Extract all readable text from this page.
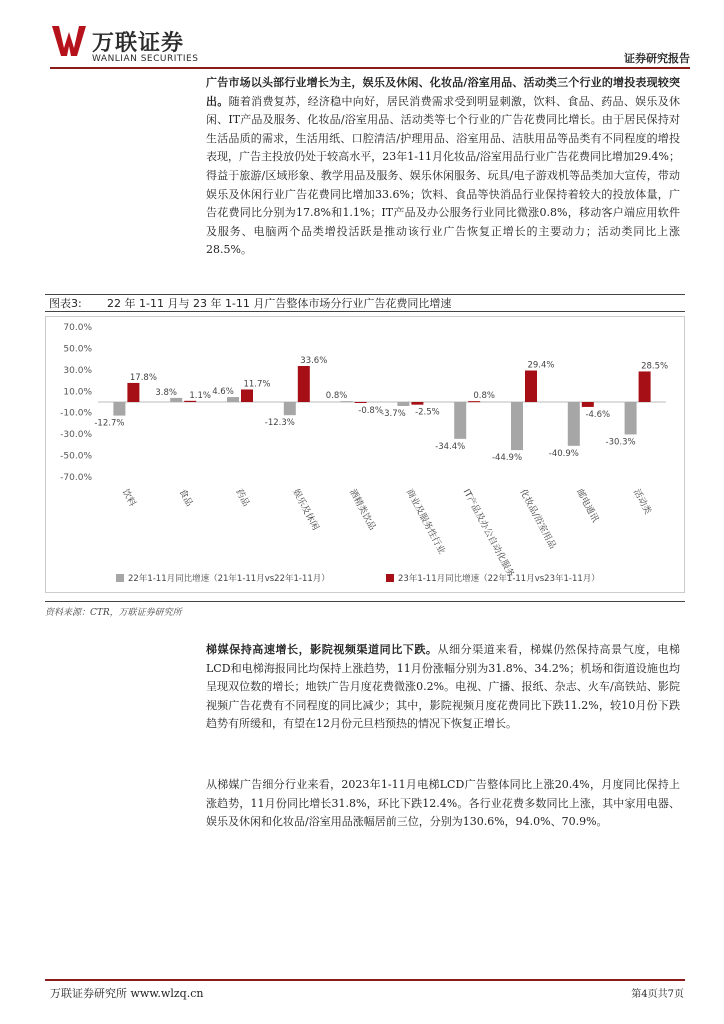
万联证券
WANLIAN SECURITIES	证券研究报告
广告市场以头部行业增长为主，娱乐及休闲、化妆品/浴室用品、活动类三个行业的增投表现较突出。随着消费复苏，经济稳中向好，居民消费需求受到明显刺激，饮料、食品、药品、娱乐及休闲、IT产品及服务、化妆品/浴室用品、活动类等七个行业的广告花费同比增长。由于居民保持对生活品质的需求，生活用纸、口腔清洁/护理用品、浴室用品、洁肤用品等品类有不同程度的增投表现，广告主投放仍处于较高水平，23年1-11月化妆品/浴室用品行业广告花费同比增加29.4%；得益于旅游/区域形象、教学用品及服务、娱乐休闲服务、玩具/电子游戏机等品类加大宣传，带动娱乐及休闲行业广告花费同比增加33.6%；饮料、食品等快消品行业保持着较大的投放体量，广告花费同比分别为17.8%和1.1%；IT产品及办公服务行业同比微涨0.8%，移动客户端应用软件及服务、电脑两个品类增投活跃是推动该行业广告恢复正增长的主要动力；活动类同比上涨28.5%。
图表3: 22 年 1-11 月与 23 年 1-11 月广告整体市场分行业广告花费同比增速
70.0%
50.0%
30.0%
10.0%
-10.0%
-30.0%
-50.0%
-70.0%
-12.7%
17.8%
饮料
3.8% 1.1%
食品
4.6%
11.7%
药品
-12.3%
33.6%
娱乐及休闲
0.8%
-0.8%
酒精类饮品
-3.7% -2.5%
商业及服务性行业
-34.4%
0.8%
IT产品及办公自动化服务
-44.9%
29.4%
化妆品/浴室用品
-40.9%
-4.6%
邮电通讯
-30.3%
28.5%
活动类
22年1-11月同比增速（21年1-11月vs22年1-11月）	23年1-11月同比增速（22年1-11月vs23年1-11月）
资料来源：CTR，万联证券研究所
梯媒保持高速增长，影院视频渠道同比下跌。从细分渠道来看，梯媒仍然保持高景气度，电梯LCD和电梯海报同比均保持上涨趋势，11月份涨幅分别为31.8%、34.2%；机场和街道设施也均呈现双位数的增长；地铁广告月度花费微涨0.2%。电视、广播、报纸、杂志、火车/高铁站、影院视频广告花费有不同程度的同比减少；其中，影院视频月度花费同比下跌11.2%，较10月份下跌趋势有所缓和，有望在12月份元旦档预热的情况下恢复正增长。
从梯媒广告细分行业来看，2023年1-11月电梯LCD广告整体同比上涨20.4%，月度同比保持上涨趋势，11月份同比增长31.8%，环比下跌12.4%。各行业花费多数同比上涨，其中家用电器、娱乐及休闲和化妆品/浴室用品涨幅居前三位，分别为130.6%，94.0%、70.9%。
万联证券研究所 www.wlzq.cn	第4页共7页
